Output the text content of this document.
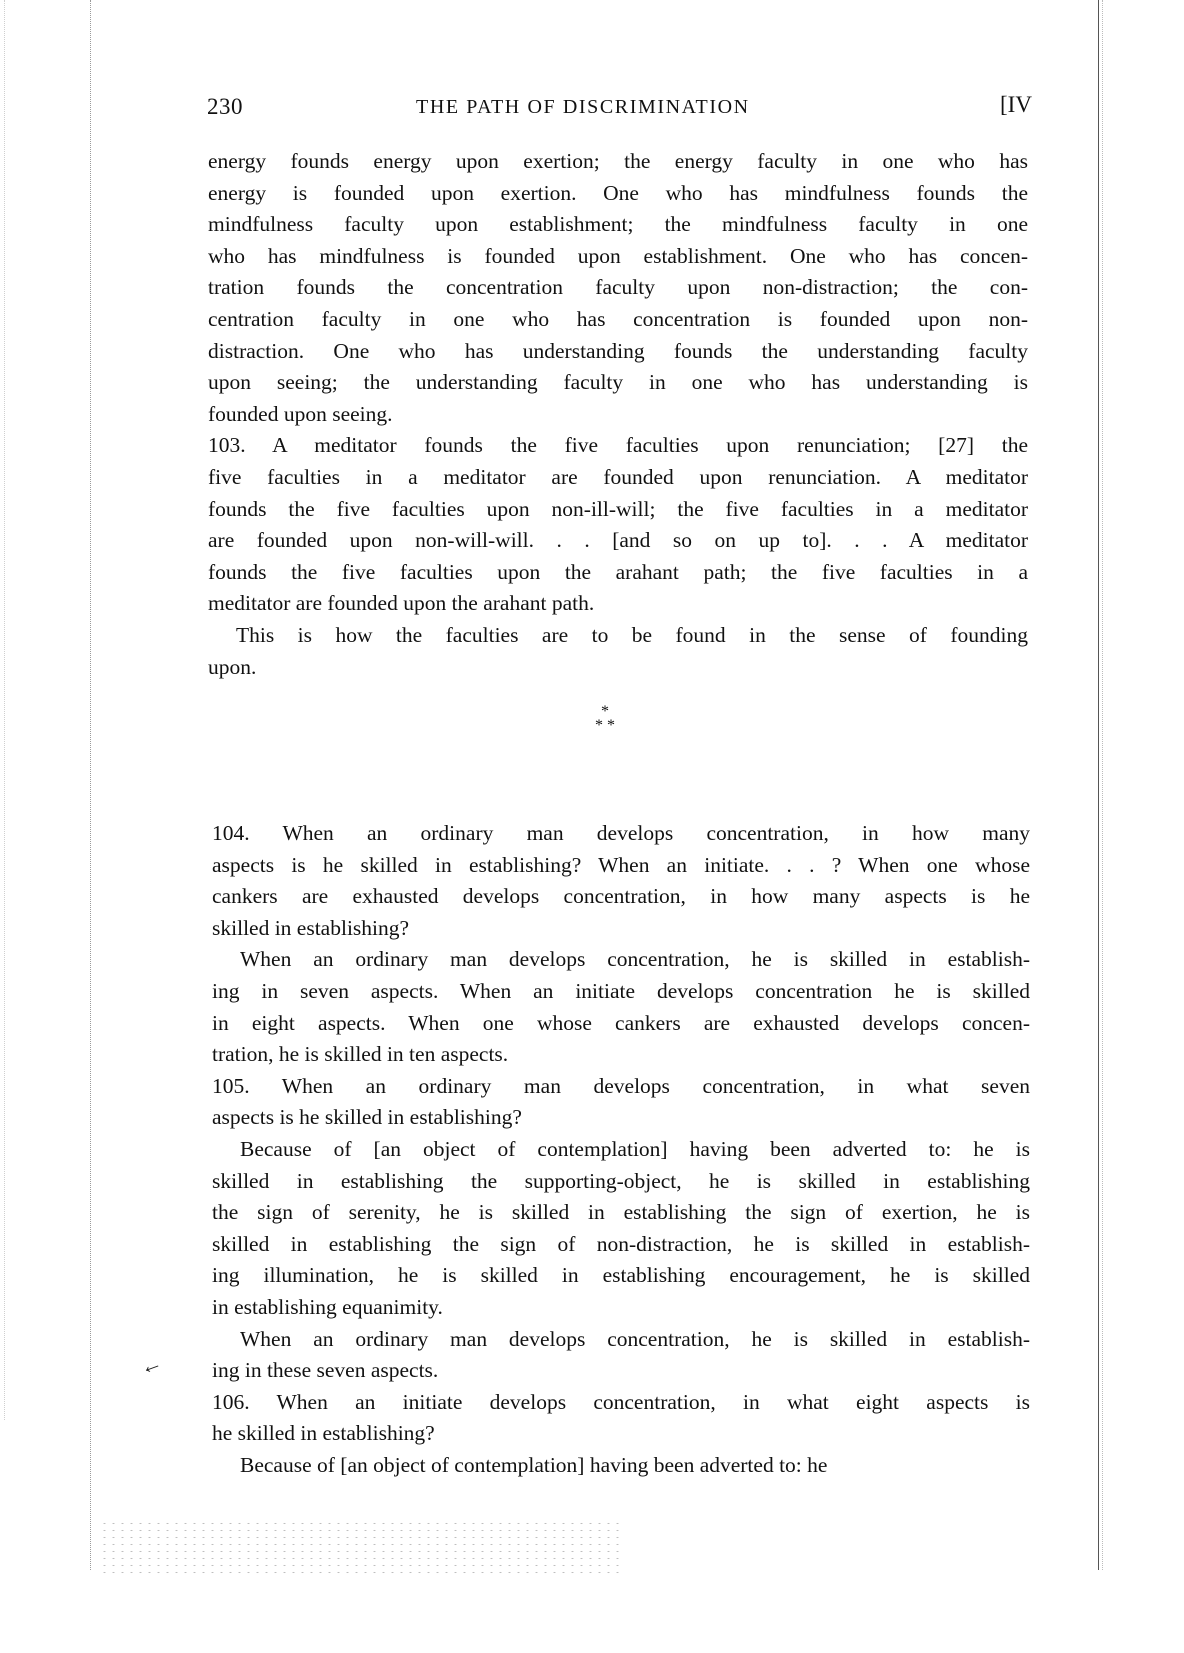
230	THE PATH OF DISCRIMINATION	[IV
energy founds energy upon exertion; the energy faculty in one who has
energy is founded upon exertion. One who has mindfulness founds the
mindfulness faculty upon establishment; the mindfulness faculty in one
who has mindfulness is founded upon establishment. One who has concen-
tration founds the concentration faculty upon non-distraction; the con-
centration faculty in one who has concentration is founded upon non-
distraction. One who has understanding founds the understanding faculty
upon seeing; the understanding faculty in one who has understanding is
founded upon seeing.
103. A meditator founds the five faculties upon renunciation; [27] the
five faculties in a meditator are founded upon renunciation. A meditator
founds the five faculties upon non-ill-will; the five faculties in a meditator
are founded upon non-will-will. . . [and so on up to]. . . A meditator
founds the five faculties upon the arahant path; the five faculties in a
meditator are founded upon the arahant path.
This is how the faculties are to be found in the sense of founding
upon.
*
* *
104. When an ordinary man develops concentration, in how many
aspects is he skilled in establishing? When an initiate. . . ? When one whose
cankers are exhausted develops concentration, in how many aspects is he
skilled in establishing?
When an ordinary man develops concentration, he is skilled in establish-
ing in seven aspects. When an initiate develops concentration he is skilled
in eight aspects. When one whose cankers are exhausted develops concen-
tration, he is skilled in ten aspects.
105. When an ordinary man develops concentration, in what seven
aspects is he skilled in establishing?
Because of [an object of contemplation] having been adverted to: he is
skilled in establishing the supporting-object, he is skilled in establishing
the sign of serenity, he is skilled in establishing the sign of exertion, he is
skilled in establishing the sign of non-distraction, he is skilled in establish-
ing illumination, he is skilled in establishing encouragement, he is skilled
in establishing equanimity.
When an ordinary man develops concentration, he is skilled in establish-
ing in these seven aspects.
106. When an initiate develops concentration, in what eight aspects is
he skilled in establishing?
Because of [an object of contemplation] having been adverted to: he
←
